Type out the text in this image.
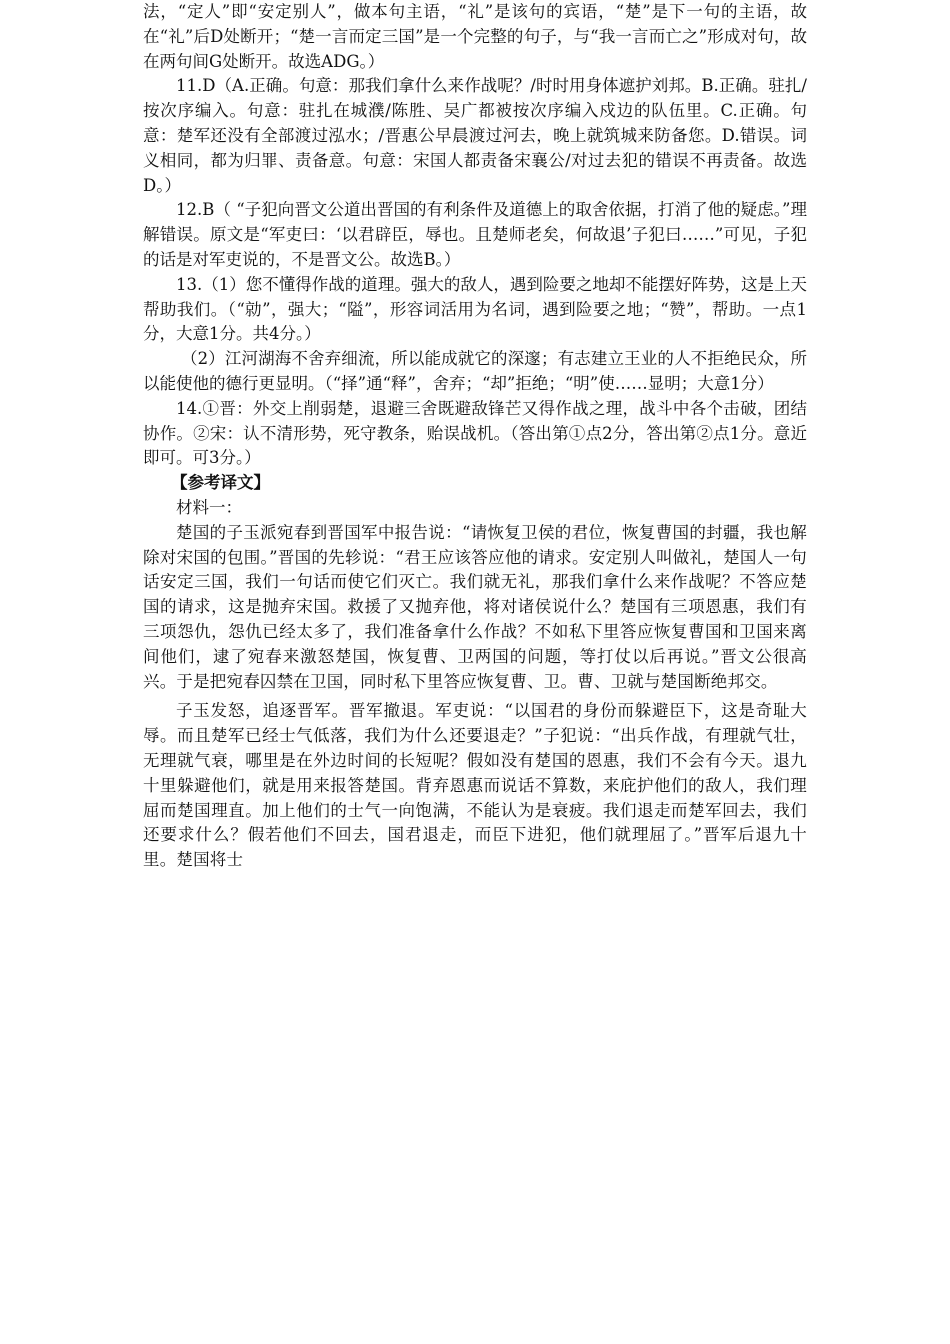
法，“定人”即“安定别人”，做本句主语，“礼”是该句的宾语，“楚”是下一句的主语，故在“礼”后D处断开；“楚一言而定三国”是一个完整的句子，与“我一言而亡之”形成对句，故在两句间G处断开。故选ADG。）

11.D（A.正确。句意：那我们拿什么来作战呢？/时时用身体遮护刘邦。B.正确。驻扎/按次序编入。句意：驻扎在城濮/陈胜、吴广都被按次序编入戍边的队伍里。C.正确。句意：楚军还没有全部渡过泓水；/晋惠公早晨渡过河去，晚上就筑城来防备您。D.错误。词义相同，都为归罪、责备意。句意：宋国人都责备宋襄公/对过去犯的错误不再责备。故选D。）

12.B（ “子犯向晋文公道出晋国的有利条件及道德上的取舍依据，打消了他的疑虑。”理解错误。原文是“军吏曰：‘以君辟臣，辱也。且楚师老矣，何故退’子犯曰……”可见，子犯的话是对军吏说的，不是晋文公。故选B。）

13.（1）您不懂得作战的道理。强大的敌人，遇到险要之地却不能摆好阵势，这是上天帮助我们。（“勍”，强大；“隘”，形容词活用为名词，遇到险要之地；“赞”，帮助。一点1分，大意1分。共4分。）

（2）江河湖海不舍弃细流，所以能成就它的深邃；有志建立王业的人不拒绝民众，所以能使他的德行更显明。（“择”通“释”，舍弃；“却”拒绝；“明”使……显明；大意1分）

14.①晋：外交上削弱楚，退避三舍既避敌锋芒又得作战之理，战斗中各个击破，团结协作。②宋：认不清形势，死守教条，贻误战机。（答出第①点2分，答出第②点1分。意近即可。可3分。）

【参考译文】

材料一：

楚国的子玉派宛春到晋国军中报告说：“请恢复卫侯的君位，恢复曹国的封疆，我也解除对宋国的包围。”晋国的先轸说：“君王应该答应他的请求。安定别人叫做礼，楚国人一句话安定三国，我们一句话而使它们灭亡。我们就无礼，那我们拿什么来作战呢？不答应楚国的请求，这是抛弃宋国。救援了又抛弃他，将对诸侯说什么？楚国有三项恩惠，我们有三项怨仇，怨仇已经太多了，我们准备拿什么作战？不如私下里答应恢复曹国和卫国来离间他们，逮了宛春来激怒楚国，恢复曹、卫两国的问题，等打仗以后再说。”晋文公很高兴。于是把宛春囚禁在卫国，同时私下里答应恢复曹、卫。曹、卫就与楚国断绝邦交。

子玉发怒，追逐晋军。晋军撤退。军吏说：“以国君的身份而躲避臣下，这是奇耻大辱。而且楚军已经士气低落，我们为什么还要退走？”子犯说：“出兵作战，有理就气壮，无理就气衰，哪里是在外边时间的长短呢？假如没有楚国的恩惠，我们不会有今天。退九十里躲避他们，就是用来报答楚国。背弃恩惠而说话不算数，来庇护他们的敌人，我们理屈而楚国理直。加上他们的士气一向饱满，不能认为是衰疲。我们退走而楚军回去，我们还要求什么？假若他们不回去，国君退走，而臣下进犯，他们就理屈了。”晋军后退九十里。楚国将士
